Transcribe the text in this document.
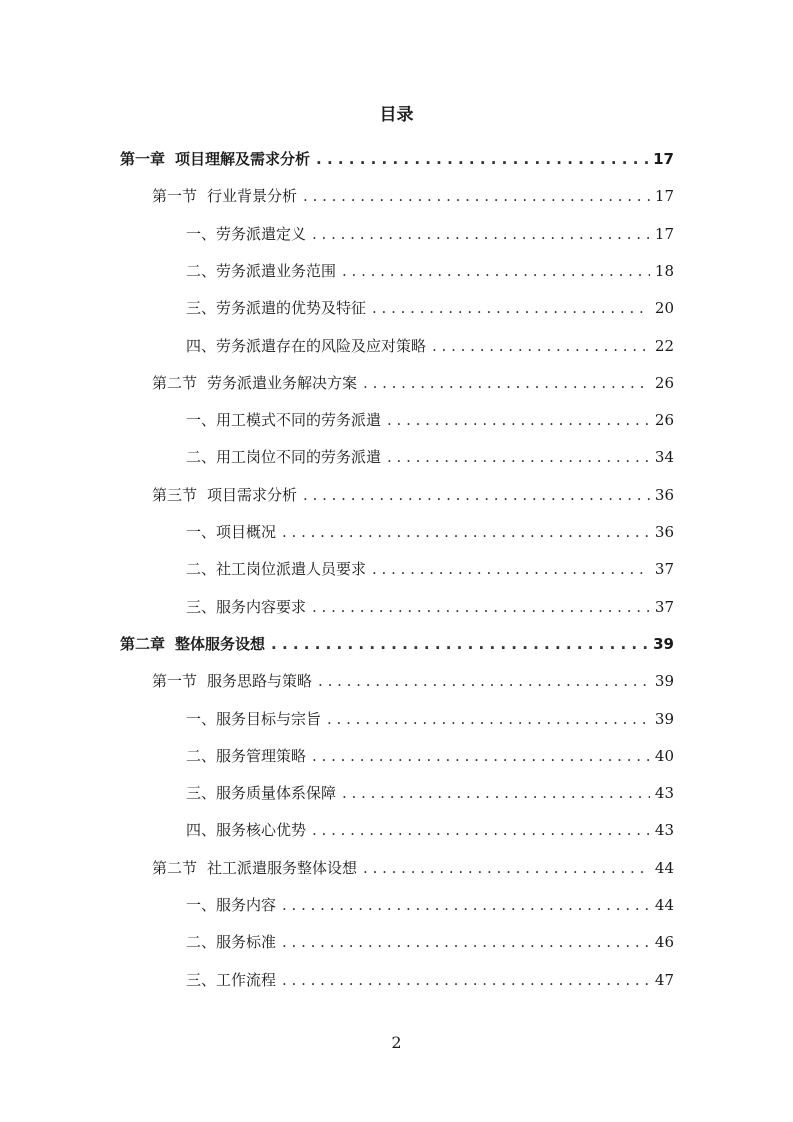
目录
第一章 项目理解及需求分析 . . .	17
第一节 行业背景分析 . . .	17
一、劳务派遣定义 . . .	17
二、劳务派遣业务范围 . . .	18
三、劳务派遣的优势及特征 . . .	20
四、劳务派遣存在的风险及应对策略 . . .	22
第二节 劳务派遣业务解决方案 . . .	26
一、用工模式不同的劳务派遣 . . .	26
二、用工岗位不同的劳务派遣 . . .	34
第三节 项目需求分析 . . .	36
一、项目概况 . . .	36
二、社工岗位派遣人员要求 . . .	37
三、服务内容要求 . . .	37
第二章 整体服务设想 . . .	39
第一节 服务思路与策略 . . .	39
一、服务目标与宗旨 . . .	39
二、服务管理策略 . . .	40
三、服务质量体系保障 . . .	43
四、服务核心优势 . . .	43
第二节 社工派遣服务整体设想 . . .	44
一、服务内容 . . .	44
二、服务标准 . . .	46
三、工作流程 . . .	47
2
